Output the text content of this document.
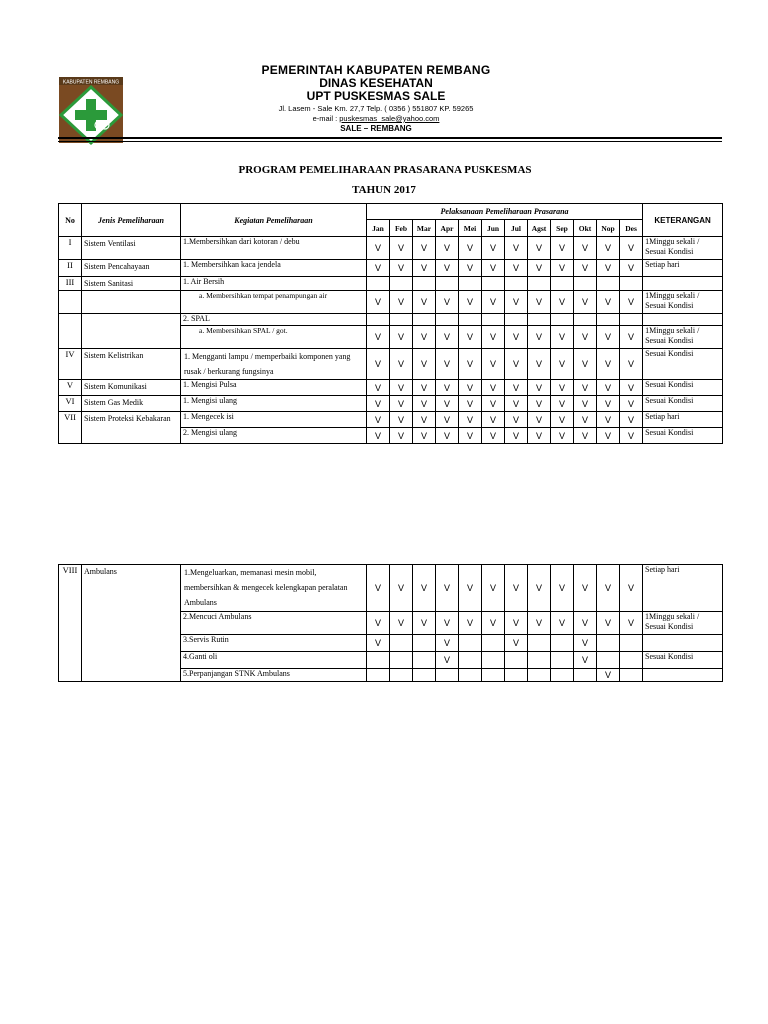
KABUPATEN REMBANG
PEMERINTAH KABUPATEN REMBANG
DINAS KESEHATAN
UPT PUSKESMAS SALE
Jl. Lasem - Sale Km. 27,7 Telp. ( 0356 ) 551807 KP. 59265
e-mail : puskesmas_sale@yahoo.com
SALE – REMBANG
PROGRAM PEMELIHARAAN PRASARANA PUSKESMAS
TAHUN 2017
No	Jenis Pemeliharaan	Kegiatan Pemeliharaan	Pelaksanaan Pemeliharaan Prasarana												KETERANGAN
			Jan	Feb	Mar	Apr	Mei	Jun	Jul	Agst	Sep	Okt	Nop	Des	
I	Sistem Ventilasi	1.Membersihkan dari kotoran / debu	V	V	V	V	V	V	V	V	V	V	V	V	1Minggu sekali / Sesuai Kondisi
II	Sistem Pencahayaan	1. Membersihkan kaca jendela	V	V	V	V	V	V	V	V	V	V	V	V	Setiap hari
III	Sistem Sanitasi	1. Air Bersih													
		a. Membersihkan tempat penampungan air	V	V	V	V	V	V	V	V	V	V	V	V	1Minggu sekali / Sesuai Kondisi
		2. SPAL													
		a. Membersihkan SPAL / got.	V	V	V	V	V	V	V	V	V	V	V	V	1Minggu sekali / Sesuai Kondisi
IV	Sistem Kelistrikan	1. Mengganti lampu / memperbaiki komponen yang rusak / berkurang fungsinya	V	V	V	V	V	V	V	V	V	V	V	V	Sesuai Kondisi
V	Sistem Komunikasi	1. Mengisi Pulsa	V	V	V	V	V	V	V	V	V	V	V	V	Sesuai Kondisi
VI	Sistem Gas Medik	1. Mengisi ulang	V	V	V	V	V	V	V	V	V	V	V	V	Sesuai Kondisi
VII	Sistem Proteksi Kebakaran	1. Mengecek isi	V	V	V	V	V	V	V	V	V	V	V	V	Setiap hari
		2. Mengisi ulang	V	V	V	V	V	V	V	V	V	V	V	V	Sesuai Kondisi
VIII	Ambulans	1.Mengeluarkan, memanasi mesin mobil, membersihkan & mengecek kelengkapan peralatan Ambulans	V	V	V	V	V	V	V	V	V	V	V	V	Setiap hari
		2.Mencuci Ambulans	V	V	V	V	V	V	V	V	V	V	V	V	1Minggu sekali / Sesuai Kondisi
		3.Servis Rutin	V			V			V			V			
		4.Ganti oli				V						V			Sesuai Kondisi
		5.Perpanjangan STNK Ambulans											V		
